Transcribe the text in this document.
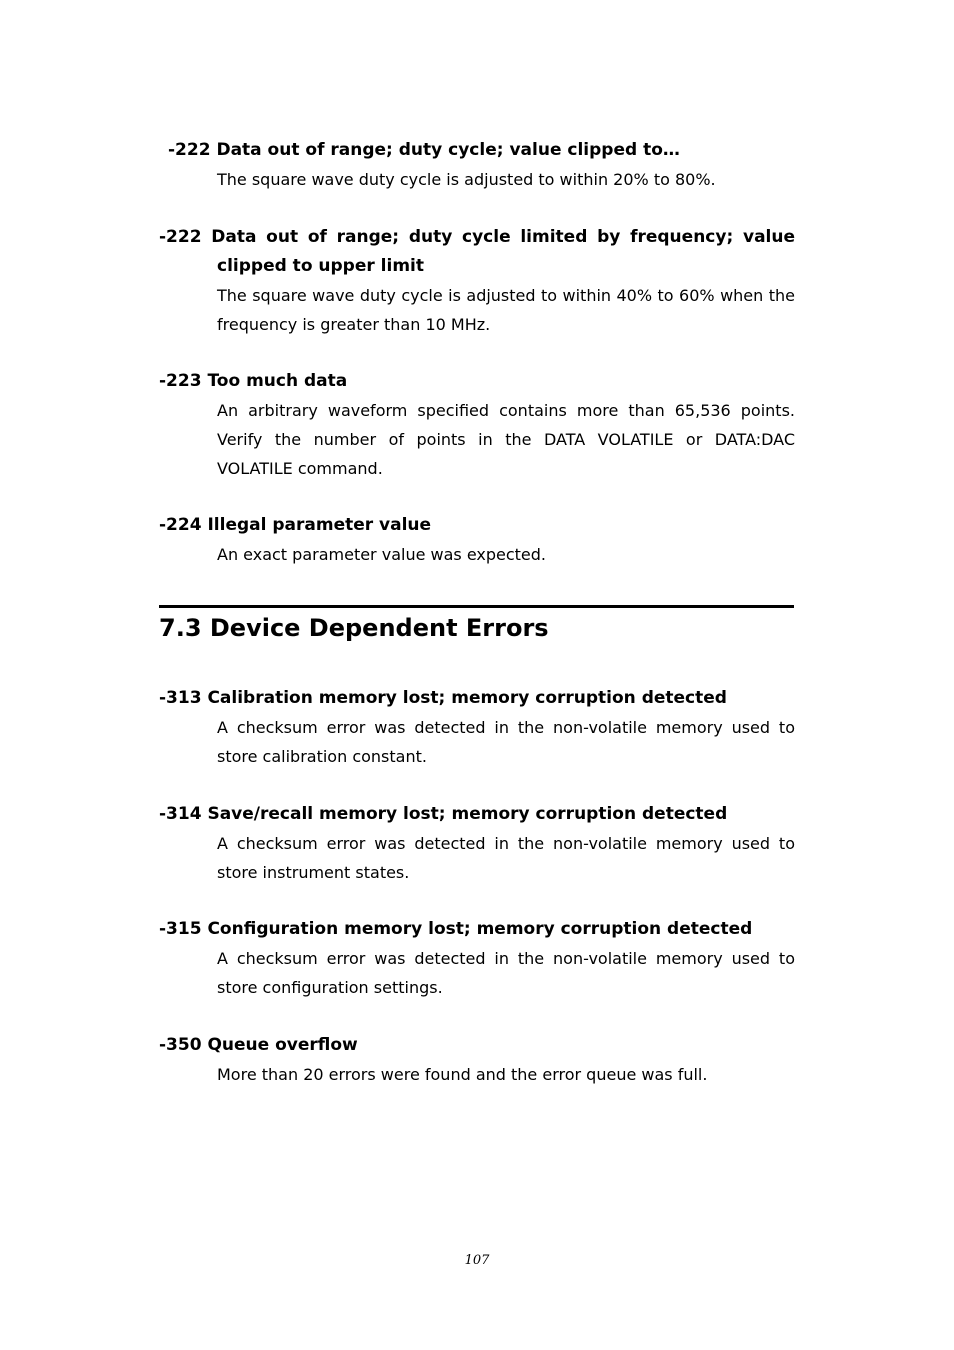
-222 Data out of range; duty cycle; value clipped to…

The square wave duty cycle is adjusted to within 20% to 80%.

-222 Data out of range; duty cycle limited by frequency; value clipped to upper limit

The square wave duty cycle is adjusted to within 40% to 60% when the frequency is greater than 10 MHz.

-223 Too much data

An arbitrary waveform specified contains more than 65,536 points. Verify the number of points in the DATA VOLATILE or DATA:DAC VOLATILE command.

-224 Illegal parameter value

An exact parameter value was expected.

7.3 Device Dependent Errors

-313 Calibration memory lost; memory corruption detected

A checksum error was detected in the non-volatile memory used to store calibration constant.

-314 Save/recall memory lost; memory corruption detected

A checksum error was detected in the non-volatile memory used to store instrument states.

-315 Configuration memory lost; memory corruption detected

A checksum error was detected in the non-volatile memory used to store configuration settings.

-350 Queue overflow

More than 20 errors were found and the error queue was full.

107
